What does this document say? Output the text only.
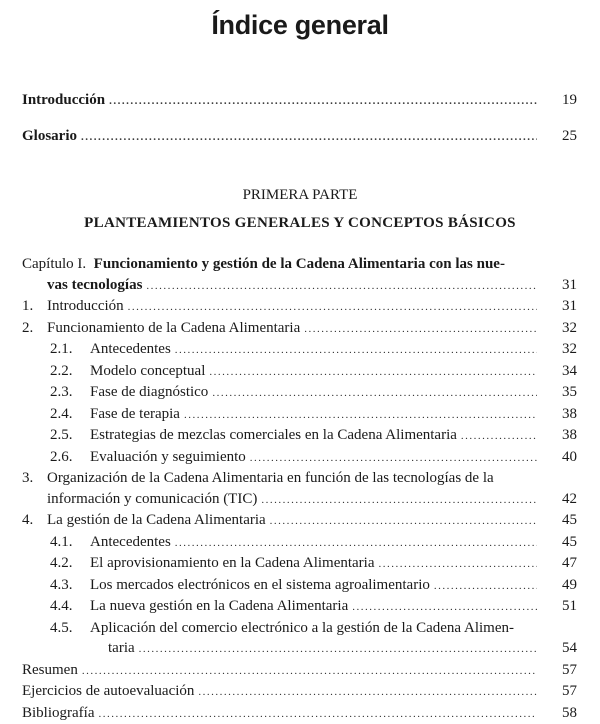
Índice general
Introducción .....	19
Glosario .....	25
PRIMERA PARTE
PLANTEAMIENTOS GENERALES Y CONCEPTOS BÁSICOS
Capítulo I.
Funcionamiento y gestión de la Cadena Alimentaria con las nue-
vas tecnologías .....	31
1. Introducción .....	31
2. Funcionamiento de la Cadena Alimentaria .....	32
2.1.	Antecedentes .....	32
2.2.	Modelo conceptual .....	34
2.3.	Fase de diagnóstico .....	35
2.4.	Fase de terapia .....	38
2.5.	Estrategias de mezclas comerciales en la Cadena Alimentaria .....	38
2.6.	Evaluación y seguimiento .....	40
3. Organización de la Cadena Alimentaria en función de las tecnologías de la
información y comunicación (TIC) .....	42
4. La gestión de la Cadena Alimentaria .....	45
4.1.	Antecedentes .....	45
4.2.	El aprovisionamiento en la Cadena Alimentaria .....	47
4.3.	Los mercados electrónicos en el sistema agroalimentario .....	49
4.4.	La nueva gestión en la Cadena Alimentaria .....	51
4.5.	Aplicación del comercio electrónico a la gestión de la Cadena Alimen-
taria .....	54
Resumen .....	57
Ejercicios de autoevaluación .....	57
Bibliografía .....	58
